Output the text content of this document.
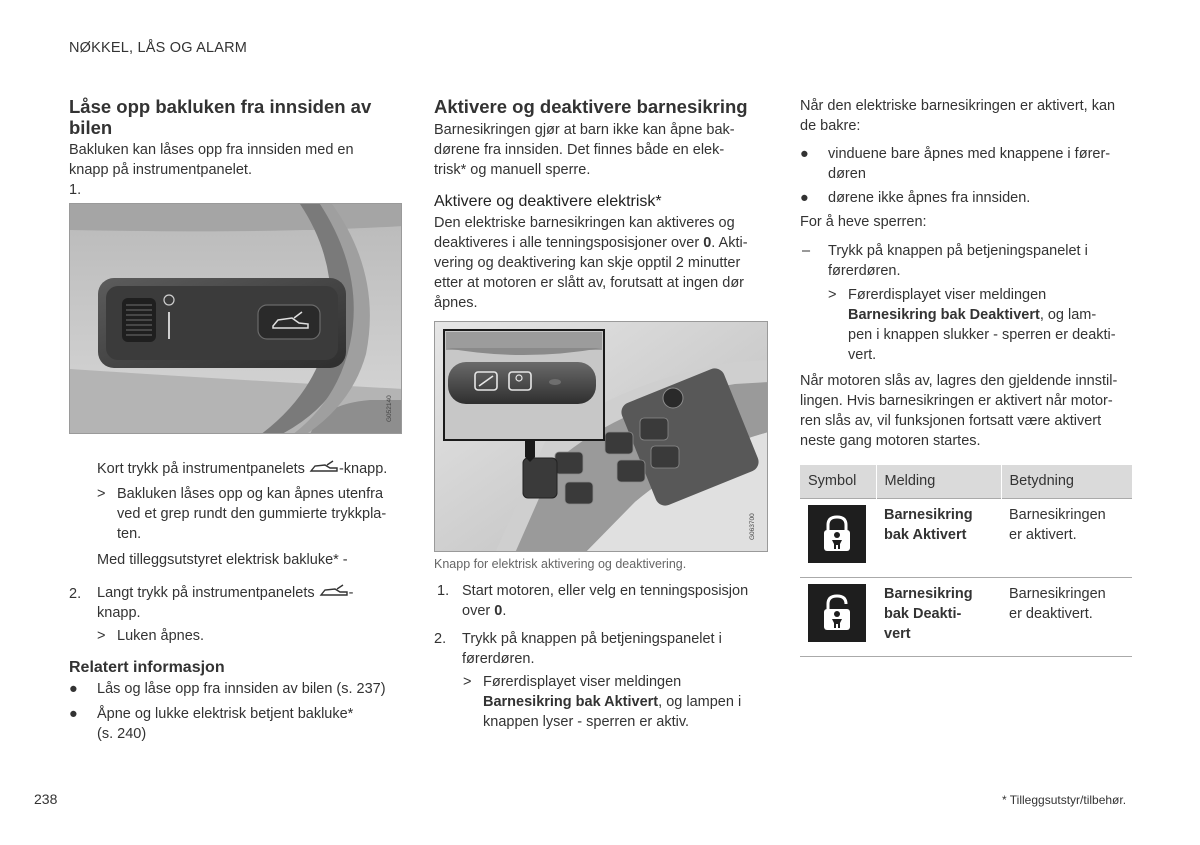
NØKKEL, LÅS OG ALARM
Låse opp bakluken fra innsiden av
bilen
Bakluken kan låses opp fra innsiden med en
knapp på instrumentpanelet.
1.
G052140
Kort trykk på instrumentpanelets -knapp.
> Bakluken låses opp og kan åpnes utenfra
ved et grep rundt den gummierte trykkpla-
ten.
Med tilleggsutstyret elektrisk bakluke* -
2. Langt trykk på instrumentpanelets -
knapp.
> Luken åpnes.
Relatert informasjon
● Lås og låse opp fra innsiden av bilen (s. 237)
● Åpne og lukke elektrisk betjent bakluke*
(s. 240)
Aktivere og deaktivere barnesikring
Barnesikringen gjør at barn ikke kan åpne bak-
dørene fra innsiden. Det finnes både en elek-
trisk* og manuell sperre.
Aktivere og deaktivere elektrisk*
Den elektriske barnesikringen kan aktiveres og
deaktiveres i alle tenningsposisjoner over 0. Akti-
vering og deaktivering kan skje opptil 2 minutter
etter at motoren er slått av, forutsatt at ingen dør
åpnes.
G063700
Knapp for elektrisk aktivering og deaktivering.
1. Start motoren, eller velg en tenningsposisjon
over 0.
2. Trykk på knappen på betjeningspanelet i
førerdøren.
> Førerdisplayet viser meldingen
Barnesikring bak Aktivert, og lampen i
knappen lyser - sperren er aktiv.
Når den elektriske barnesikringen er aktivert, kan
de bakre:
● vinduene bare åpnes med knappene i fører-
døren
● dørene ikke åpnes fra innsiden.
For å heve sperren:
– Trykk på knappen på betjeningspanelet i
førerdøren.
> Førerdisplayet viser meldingen
Barnesikring bak Deaktivert, og lam-
pen i knappen slukker - sperren er deakti-
vert.
Når motoren slås av, lagres den gjeldende innstil-
lingen. Hvis barnesikringen er aktivert når motor-
ren slås av, vil funksjonen fortsatt være aktivert
neste gang motoren startes.
Symbol	Melding	Betydning
	Barnesikring
bak Aktivert	Barnesikringen
er aktivert.
	Barnesikring
bak Deakti-
vert	Barnesikringen
er deaktivert.
238	* Tilleggsutstyr/tilbehør.
